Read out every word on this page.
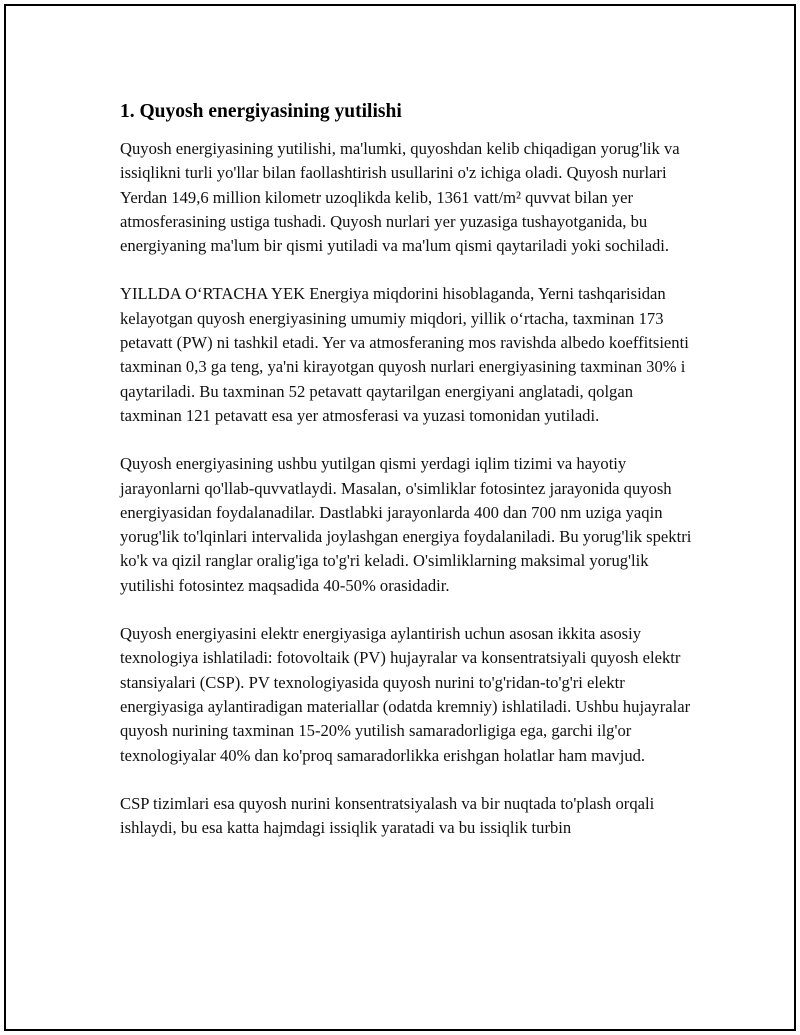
1. Quyosh energiyasining yutilishi

Quyosh energiyasining yutilishi, ma'lumki, quyoshdan kelib chiqadigan yorug'lik va issiqlikni turli yo'llar bilan faollashtirish usullarini o'z ichiga oladi. Quyosh nurlari Yerdan 149,6 million kilometr uzoqlikda kelib, 1361 vatt/m² quvvat bilan yer atmosferasining ustiga tushadi. Quyosh nurlari yer yuzasiga tushayotganida, bu energiyaning ma'lum bir qismi yutiladi va ma'lum qismi qaytariladi yoki sochiladi.

YILLDA O‘RTACHA YEK Energiya miqdorini hisoblaganda, Yerni tashqarisidan kelayotgan quyosh energiyasining umumiy miqdori, yillik o‘rtacha, taxminan 173 petavatt (PW) ni tashkil etadi. Yer va atmosferaning mos ravishda albedo koeffitsienti taxminan 0,3 ga teng, ya'ni kirayotgan quyosh nurlari energiyasining taxminan 30% i qaytariladi. Bu taxminan 52 petavatt qaytarilgan energiyani anglatadi, qolgan taxminan 121 petavatt esa yer atmosferasi va yuzasi tomonidan yutiladi.

Quyosh energiyasining ushbu yutilgan qismi yerdagi iqlim tizimi va hayotiy jarayonlarni qo'llab-quvvatlaydi. Masalan, o'simliklar fotosintez jarayonida quyosh energiyasidan foydalanadilar. Dastlabki jarayonlarda 400 dan 700 nm uziga yaqin yorug'lik to'lqinlari intervalida joylashgan energiya foydalaniladi. Bu yorug'lik spektri ko'k va qizil ranglar oralig'iga to'g'ri keladi. O'simliklarning maksimal yorug'lik yutilishi fotosintez maqsadida 40-50% orasidadir.

Quyosh energiyasini elektr energiyasiga aylantirish uchun asosan ikkita asosiy texnologiya ishlatiladi: fotovoltaik (PV) hujayralar va konsentratsiyali quyosh elektr stansiyalari (CSP). PV texnologiyasida quyosh nurini to'g'ridan-to'g'ri elektr energiyasiga aylantiradigan materiallar (odatda kremniy) ishlatiladi. Ushbu hujayralar quyosh nurining taxminan 15-20% yutilish samaradorligiga ega, garchi ilg'or texnologiyalar 40% dan ko'proq samaradorlikka erishgan holatlar ham mavjud.

CSP tizimlari esa quyosh nurini konsentratsiyalash va bir nuqtada to'plash orqali ishlaydi, bu esa katta hajmdagi issiqlik yaratadi va bu issiqlik turbin
